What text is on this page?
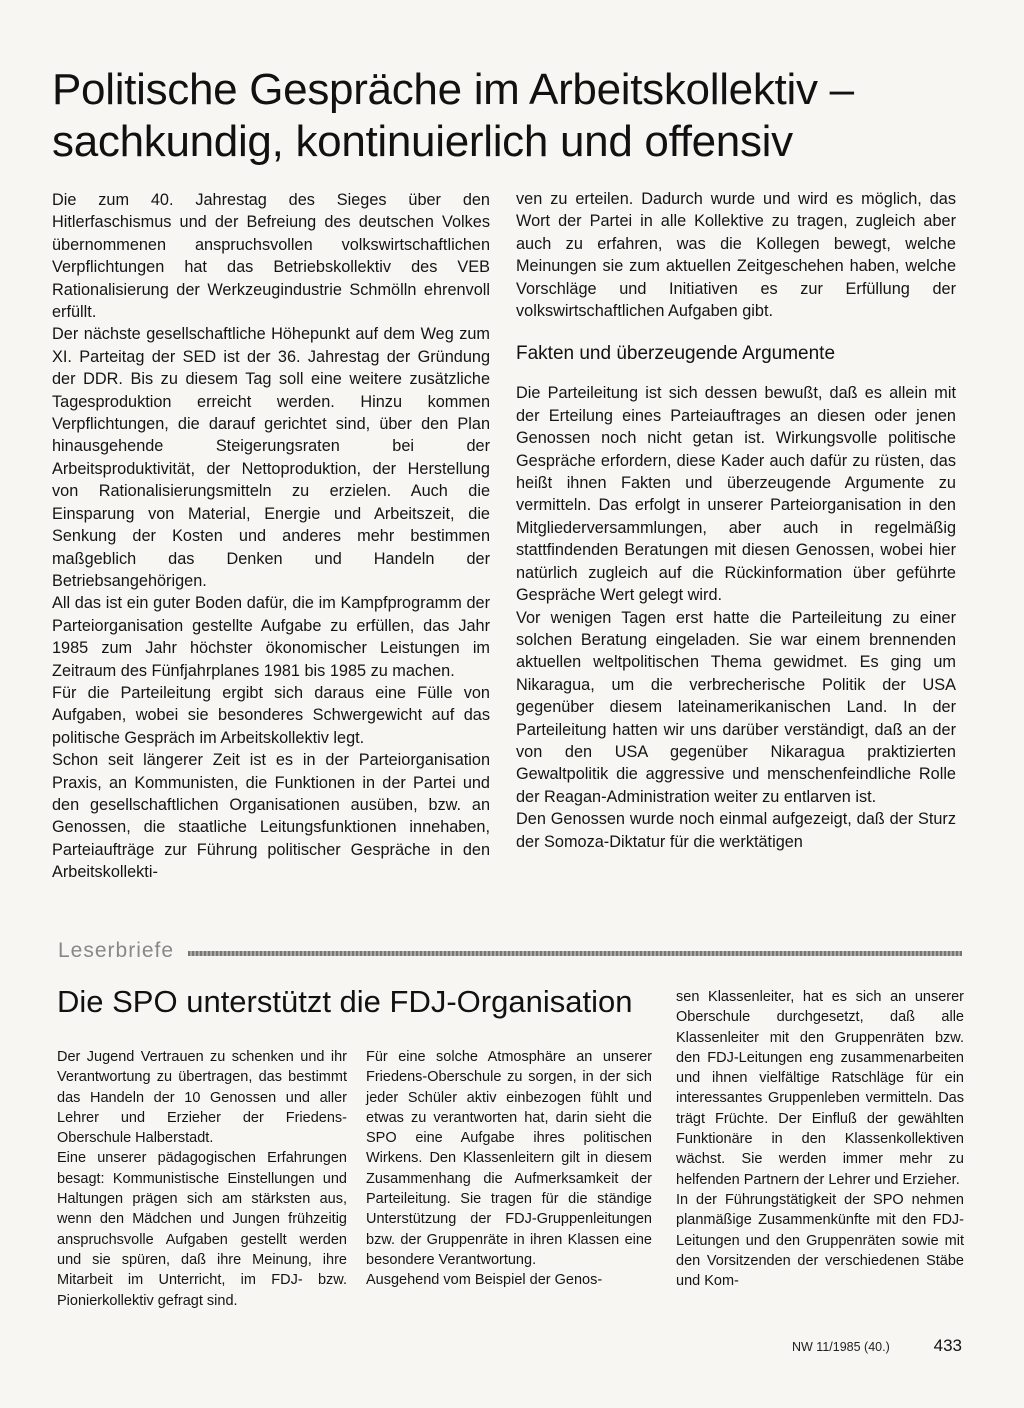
Politische Gespräche im Arbeitskollektiv –
sachkundig, kontinuierlich und offensiv

Die zum 40. Jahrestag des Sieges über den Hitlerfaschismus und der Befreiung des deutschen Volkes übernommenen anspruchsvollen volkswirtschaftlichen Verpflichtungen hat das Betriebskollektiv des VEB Rationalisierung der Werkzeugindustrie Schmölln ehrenvoll erfüllt.

Der nächste gesellschaftliche Höhepunkt auf dem Weg zum XI. Parteitag der SED ist der 36. Jahrestag der Gründung der DDR. Bis zu diesem Tag soll eine weitere zusätzliche Tagesproduktion erreicht werden. Hinzu kommen Verpflichtungen, die darauf gerichtet sind, über den Plan hinausgehende Steigerungsraten bei der Arbeitsproduktivität, der Nettoproduktion, der Herstellung von Rationalisierungsmitteln zu erzielen. Auch die Einsparung von Material, Energie und Arbeitszeit, die Senkung der Kosten und anderes mehr bestimmen maßgeblich das Denken und Handeln der Betriebsangehörigen.

All das ist ein guter Boden dafür, die im Kampfprogramm der Parteiorganisation gestellte Aufgabe zu erfüllen, das Jahr 1985 zum Jahr höchster ökonomischer Leistungen im Zeitraum des Fünfjahrplanes 1981 bis 1985 zu machen.

Für die Parteileitung ergibt sich daraus eine Fülle von Aufgaben, wobei sie besonderes Schwergewicht auf das politische Gespräch im Arbeitskollektiv legt.

Schon seit längerer Zeit ist es in der Parteiorganisation Praxis, an Kommunisten, die Funktionen in der Partei und den gesellschaftlichen Organisationen ausüben, bzw. an Genossen, die staatliche Leitungsfunktionen innehaben, Parteiaufträge zur Führung politischer Gespräche in den Arbeitskollekti-

ven zu erteilen. Dadurch wurde und wird es möglich, das Wort der Partei in alle Kollektive zu tragen, zugleich aber auch zu erfahren, was die Kollegen bewegt, welche Meinungen sie zum aktuellen Zeitgeschehen haben, welche Vorschläge und Initiativen es zur Erfüllung der volkswirtschaftlichen Aufgaben gibt.

Fakten und überzeugende Argumente

Die Parteileitung ist sich dessen bewußt, daß es allein mit der Erteilung eines Parteiauftrages an diesen oder jenen Genossen noch nicht getan ist. Wirkungsvolle politische Gespräche erfordern, diese Kader auch dafür zu rüsten, das heißt ihnen Fakten und überzeugende Argumente zu vermitteln. Das erfolgt in unserer Parteiorganisation in den Mitgliederversammlungen, aber auch in regelmäßig stattfindenden Beratungen mit diesen Genossen, wobei hier natürlich zugleich auf die Rückinformation über geführte Gespräche Wert gelegt wird.

Vor wenigen Tagen erst hatte die Parteileitung zu einer solchen Beratung eingeladen. Sie war einem brennenden aktuellen weltpolitischen Thema gewidmet. Es ging um Nikaragua, um die verbrecherische Politik der USA gegenüber diesem lateinamerikanischen Land. In der Parteileitung hatten wir uns darüber verständigt, daß an der von den USA gegenüber Nikaragua praktizierten Gewaltpolitik die aggressive und menschenfeindliche Rolle der Reagan-Administration weiter zu entlarven ist.

Den Genossen wurde noch einmal aufgezeigt, daß der Sturz der Somoza-Diktatur für die werktätigen

Leserbriefe
Die SPO unterstützt die FDJ-Organisation

Der Jugend Vertrauen zu schenken und ihr Verantwortung zu übertragen, das bestimmt das Handeln der 10 Genossen und aller Lehrer und Erzieher der Friedens-Oberschule Halberstadt.

Eine unserer pädagogischen Erfahrungen besagt: Kommunistische Einstellungen und Haltungen prägen sich am stärksten aus, wenn den Mädchen und Jungen frühzeitig anspruchsvolle Aufgaben gestellt werden und sie spüren, daß ihre Meinung, ihre Mitarbeit im Unterricht, im FDJ- bzw. Pionierkollektiv gefragt sind.

Für eine solche Atmosphäre an unserer Friedens-Oberschule zu sorgen, in der sich jeder Schüler aktiv einbezogen fühlt und etwas zu verantworten hat, darin sieht die SPO eine Aufgabe ihres politischen Wirkens. Den Klassenleitern gilt in diesem Zusammenhang die Aufmerksamkeit der Parteileitung. Sie tragen für die ständige Unterstützung der FDJ-Gruppenleitungen bzw. der Gruppenräte in ihren Klassen eine besondere Verantwortung.

Ausgehend vom Beispiel der Genos-

sen Klassenleiter, hat es sich an unserer Oberschule durchgesetzt, daß alle Klassenleiter mit den Gruppenräten bzw. den FDJ-Leitungen eng zusammenarbeiten und ihnen vielfältige Ratschläge für ein interessantes Gruppenleben vermitteln. Das trägt Früchte. Der Einfluß der gewählten Funktionäre in den Klassenkollektiven wächst. Sie werden immer mehr zu helfenden Partnern der Lehrer und Erzieher.

In der Führungstätigkeit der SPO nehmen planmäßige Zusammenkünfte mit den FDJ-Leitungen und den Gruppenräten sowie mit den Vorsitzenden der verschiedenen Stäbe und Kom-

NW 11/1985 (40.)	433
